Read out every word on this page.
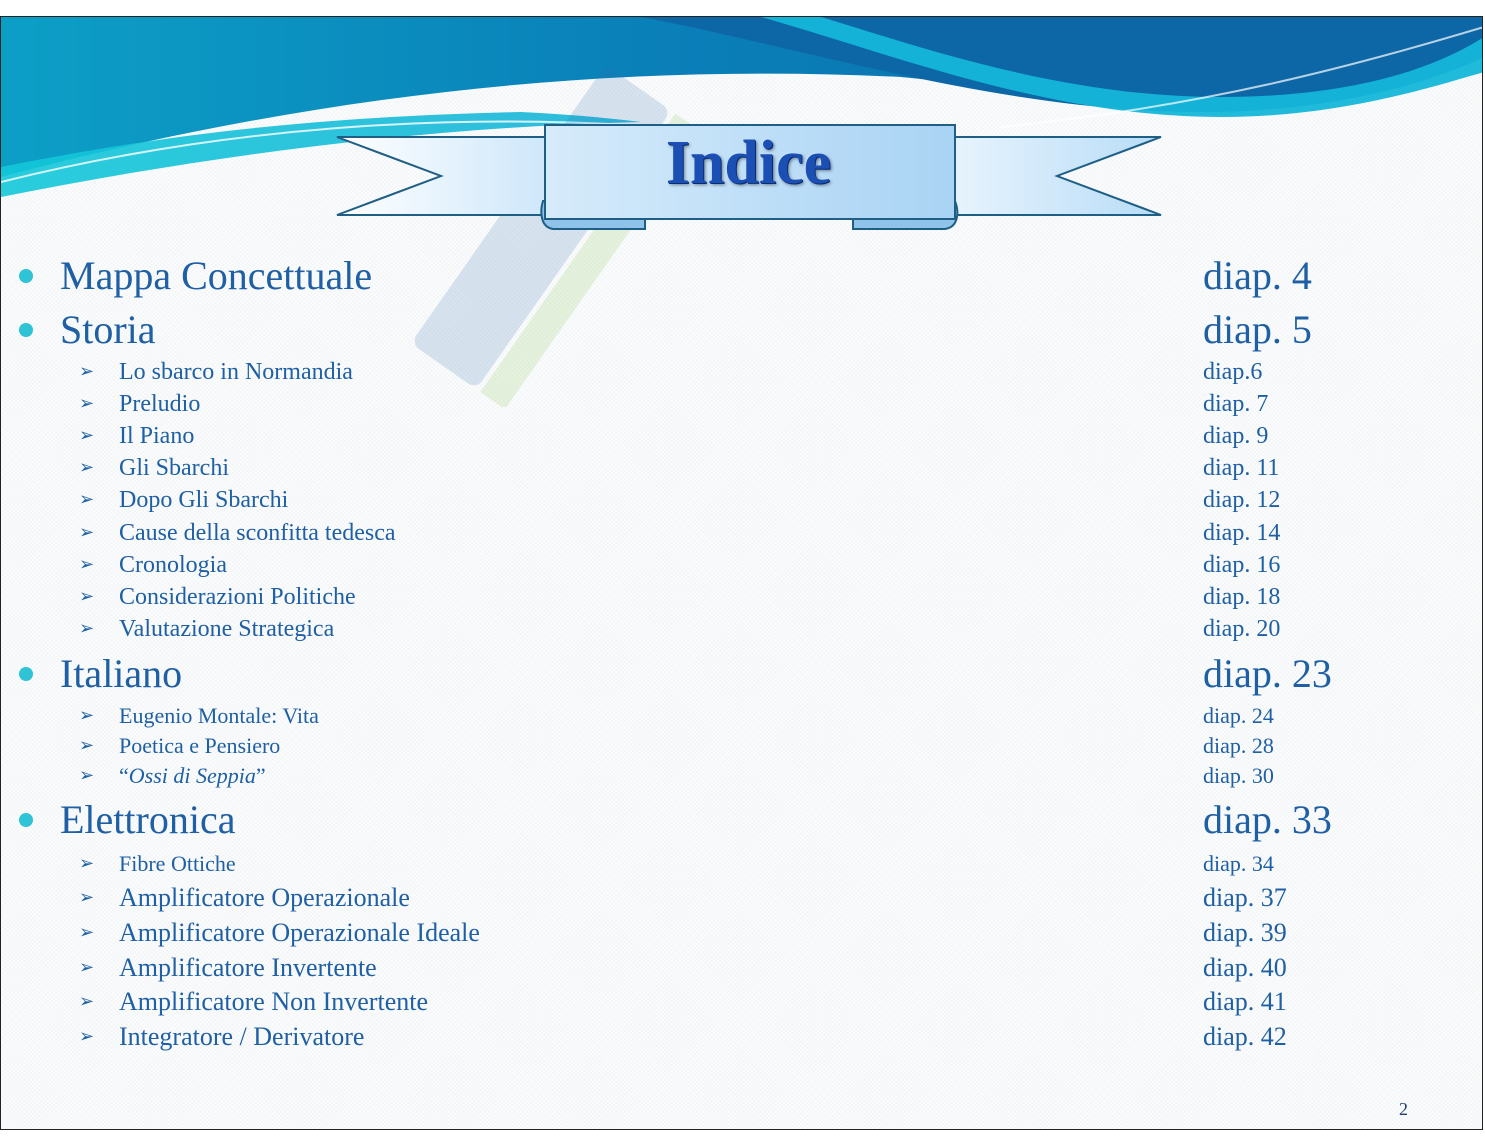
Indice
2
Mappa Concettuale	diap. 4
Storia	diap. 5
➢ Lo sbarco in Normandia	diap.6
➢ Preludio	diap. 7
➢ Il Piano	diap. 9
➢ Gli Sbarchi	diap. 11
➢ Dopo Gli Sbarchi	diap. 12
➢ Cause della sconfitta tedesca	diap. 14
➢ Cronologia	diap. 16
➢ Considerazioni Politiche	diap. 18
➢ Valutazione Strategica	diap. 20
Italiano	diap. 23
➢ Eugenio Montale: Vita	diap. 24
➢ Poetica e Pensiero	diap. 28
➢ “Ossi di Seppia”	diap. 30
Elettronica	diap. 33
➢ Fibre Ottiche	diap. 34
➢ Amplificatore Operazionale	diap. 37
➢ Amplificatore Operazionale Ideale	diap. 39
➢ Amplificatore Invertente	diap. 40
➢ Amplificatore Non Invertente	diap. 41
➢ Integratore / Derivatore	diap. 42
